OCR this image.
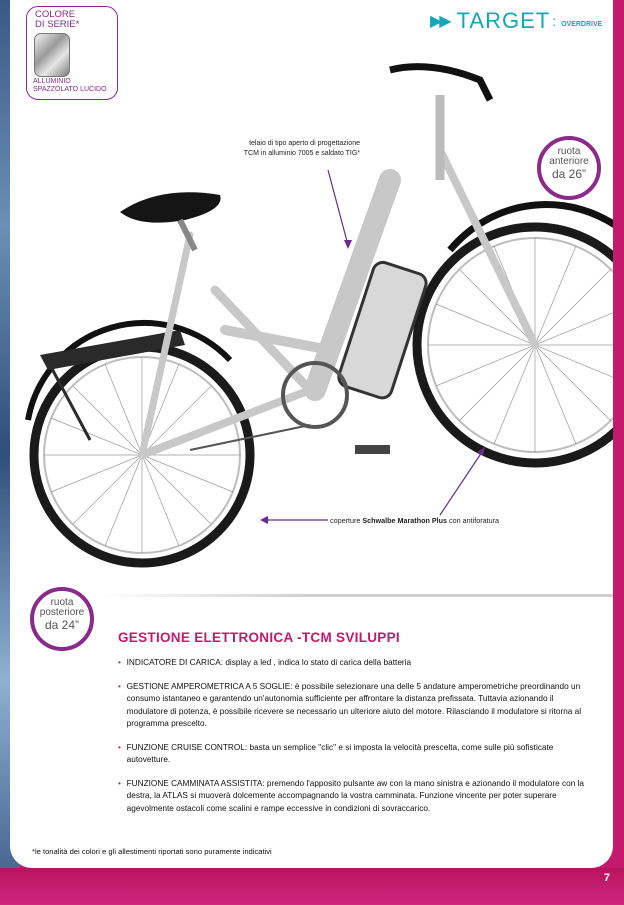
7
COLORE
DI SERIE*
ALLUMINIO
SPAZZOLATO LUCIDO
▶▶ TARGET : OVERDRIVE
telaio di tipo aperto di progettazione
TCM in alluminio 7005 e saldato TIG*
coperture Schwalbe Marathon Plus con antiforatura
ruota
anteriore
da 26”
ruota
posteriore
da 24”
GESTIONE ELETTRONICA -TCM SVILUPPI
• INDICATORE DI CARICA: display a led , indica lo stato di carica della batteria
• GESTIONE AMPEROMETRICA A 5 SOGLIE: è possibile selezionare una delle 5 andature amperometriche preordinando un consumo istantaneo e garantendo un'autonomia sufficiente per affrontare la distanza prefissata. Tuttavia azionando il modulatore di potenza, è possibile ricevere se necessario un ulteriore aiuto del motore. Rilasciando il modulatore si ritorna al programma prescelto.
• FUNZIONE CRUISE CONTROL: basta un semplice "clic" e si imposta la velocità prescelta, come sulle più sofisticate autovetture.
• FUNZIONE CAMMINATA ASSISTITA: premendo l'apposito pulsante aw con la mano sinistra e azionando il modulatore con la destra, la ATLAS si muoverà dolcemente accompagnando la vostra camminata. Funzione vincente per poter superare agevolmente ostacoli come scalini e rampe eccessive in condizioni di sovraccarico.
*le tonalità dei colori e gli allestimenti riportati sono puramente indicativi
